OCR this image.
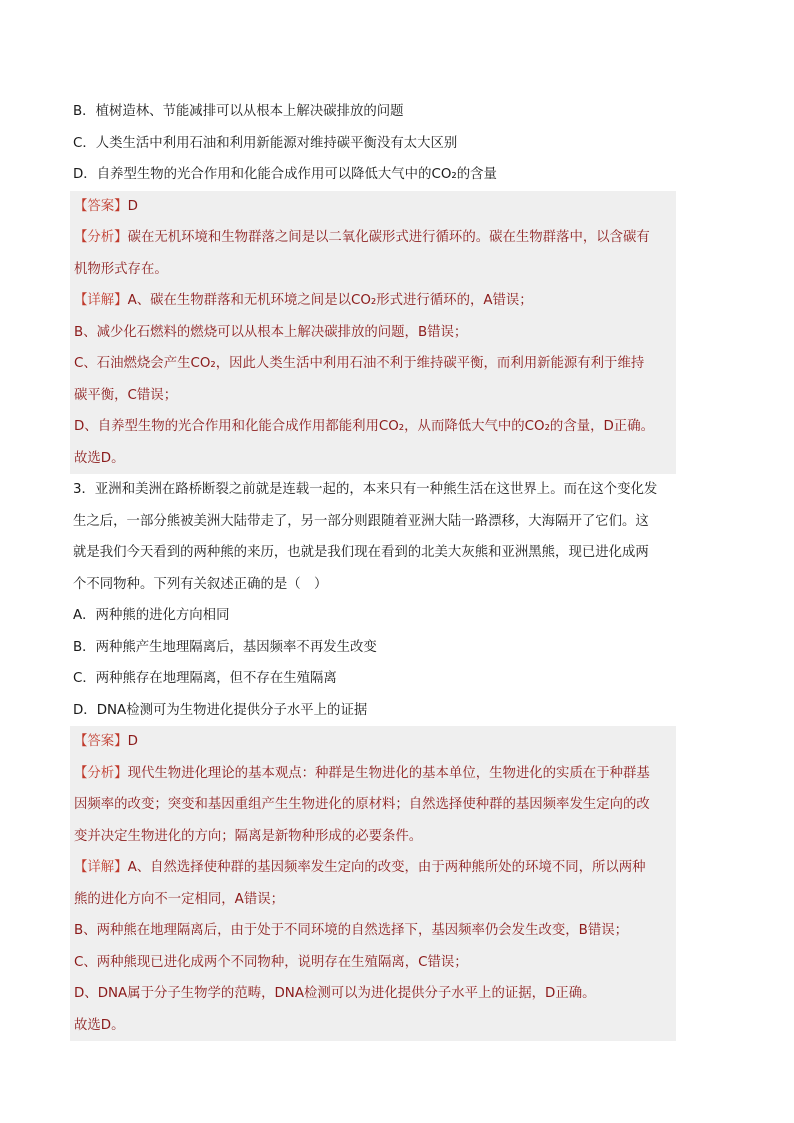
B．植树造林、节能减排可以从根本上解决碳排放的问题
C．人类生活中利用石油和利用新能源对维持碳平衡没有太大区别
D．自养型生物的光合作用和化能合成作用可以降低大气中的CO₂的含量
【答案】D
【分析】碳在无机环境和生物群落之间是以二氧化碳形式进行循环的。碳在生物群落中，以含碳有
机物形式存在。
【详解】A、碳在生物群落和无机环境之间是以CO₂形式进行循环的，A错误；
B、减少化石燃料的燃烧可以从根本上解决碳排放的问题，B错误；
C、石油燃烧会产生CO₂，因此人类生活中利用石油不利于维持碳平衡，而利用新能源有利于维持
碳平衡，C错误；
D、自养型生物的光合作用和化能合成作用都能利用CO₂，从而降低大气中的CO₂的含量，D正确。
故选D。
3．亚洲和美洲在路桥断裂之前就是连载一起的，本来只有一种熊生活在这世界上。而在这个变化发
生之后，一部分熊被美洲大陆带走了，另一部分则跟随着亚洲大陆一路漂移，大海隔开了它们。这
就是我们今天看到的两种熊的来历，也就是我们现在看到的北美大灰熊和亚洲黑熊，现已进化成两
个不同物种。下列有关叙述正确的是（　）
A．两种熊的进化方向相同
B．两种熊产生地理隔离后，基因频率不再发生改变
C．两种熊存在地理隔离，但不存在生殖隔离
D．DNA检测可为生物进化提供分子水平上的证据
【答案】D
【分析】现代生物进化理论的基本观点：种群是生物进化的基本单位，生物进化的实质在于种群基
因频率的改变；突变和基因重组产生生物进化的原材料；自然选择使种群的基因频率发生定向的改
变并决定生物进化的方向；隔离是新物种形成的必要条件。
【详解】A、自然选择使种群的基因频率发生定向的改变，由于两种熊所处的环境不同，所以两种
熊的进化方向不一定相同，A错误；
B、两种熊在地理隔离后，由于处于不同环境的自然选择下，基因频率仍会发生改变，B错误；
C、两种熊现已进化成两个不同物种，说明存在生殖隔离，C错误；
D、DNA属于分子生物学的范畴，DNA检测可以为进化提供分子水平上的证据，D正确。
故选D。
